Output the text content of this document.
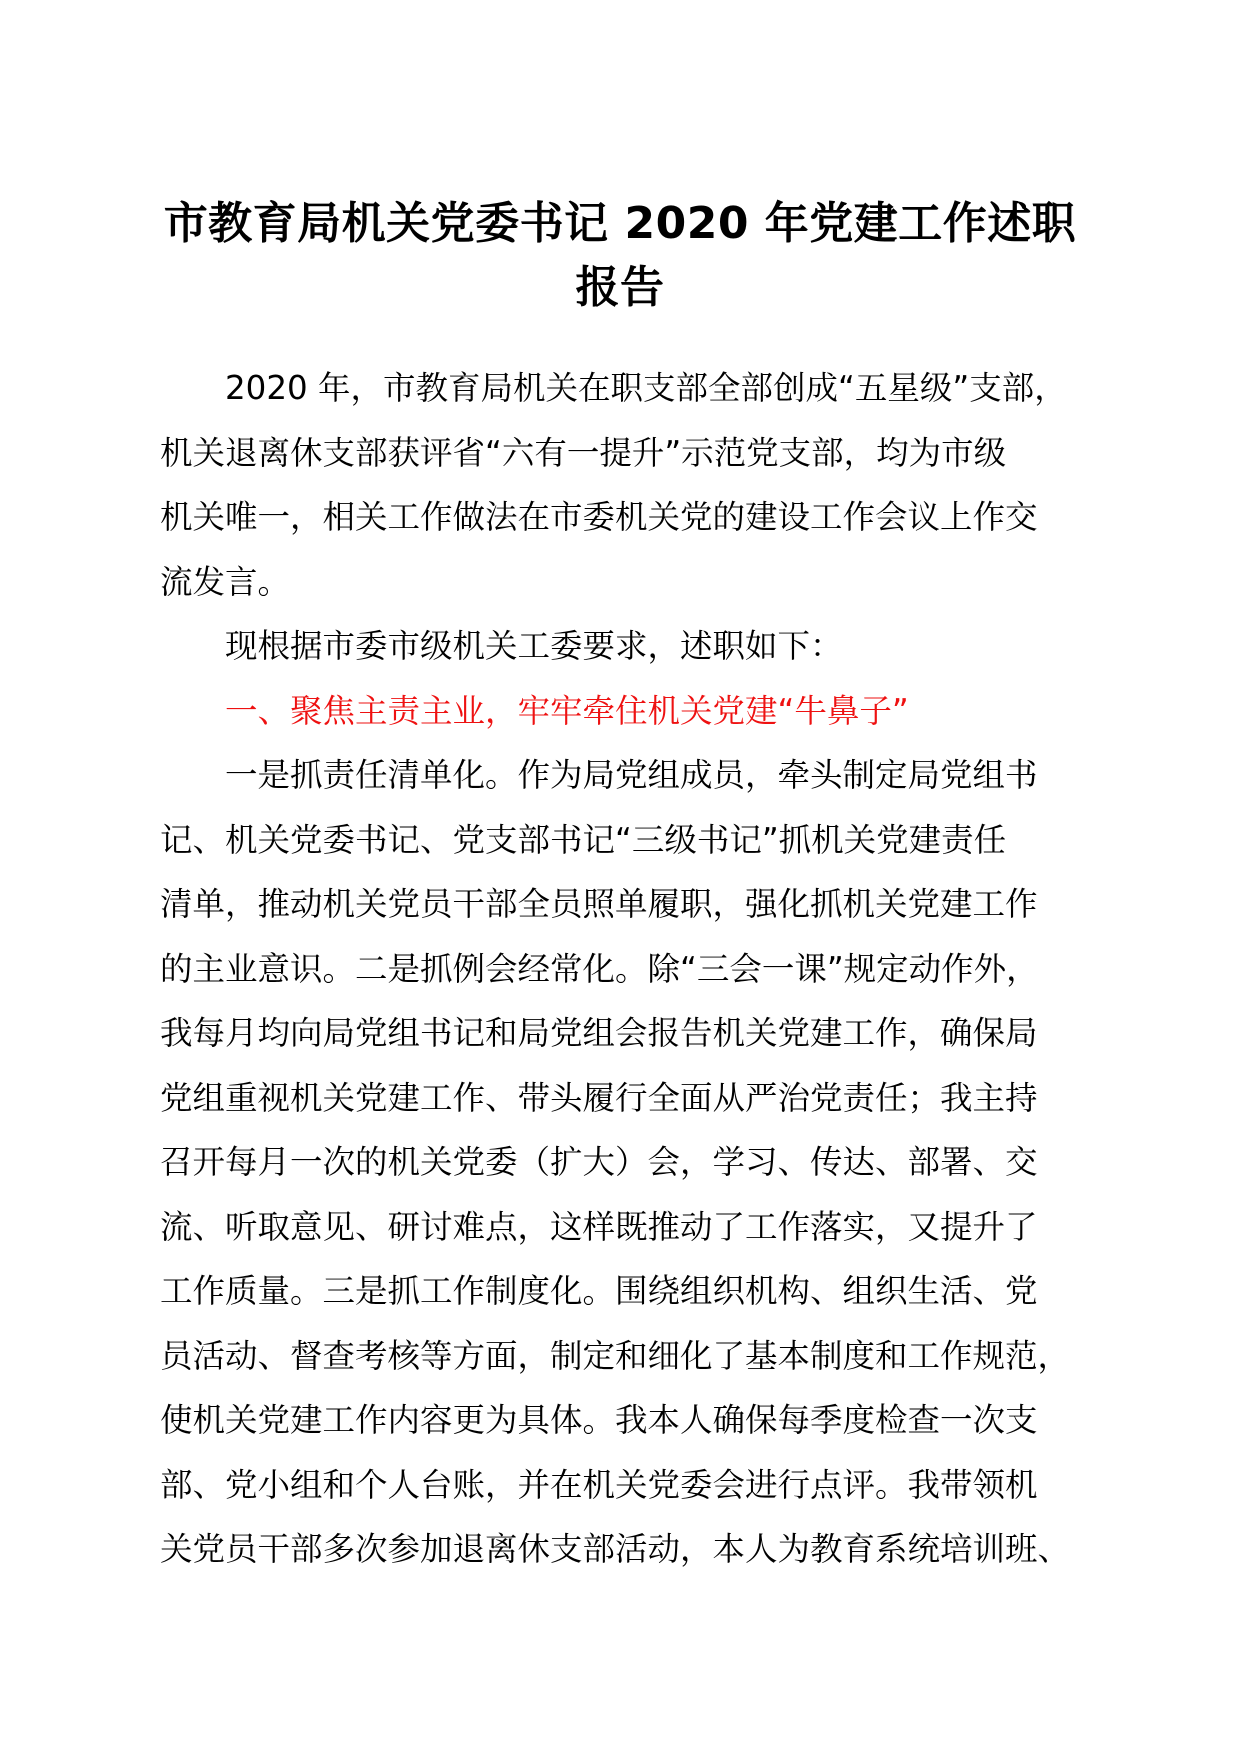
市教育局机关党委书记 2020 年党建工作述职
报告
2020 年，市教育局机关在职支部全部创成“五星级”支部，
机关退离休支部获评省“六有一提升”示范党支部，均为市级
机关唯一，相关工作做法在市委机关党的建设工作会议上作交
流发言。
现根据市委市级机关工委要求，述职如下：
一、聚焦主责主业，牢牢牵住机关党建“牛鼻子”
一是抓责任清单化。作为局党组成员，牵头制定局党组书
记、机关党委书记、党支部书记“三级书记”抓机关党建责任
清单，推动机关党员干部全员照单履职，强化抓机关党建工作
的主业意识。二是抓例会经常化。除“三会一课”规定动作外，
我每月均向局党组书记和局党组会报告机关党建工作，确保局
党组重视机关党建工作、带头履行全面从严治党责任；我主持
召开每月一次的机关党委（扩大）会，学习、传达、部署、交
流、听取意见、研讨难点，这样既推动了工作落实，又提升了
工作质量。三是抓工作制度化。围绕组织机构、组织生活、党
员活动、督查考核等方面，制定和细化了基本制度和工作规范，
使机关党建工作内容更为具体。我本人确保每季度检查一次支
部、党小组和个人台账，并在机关党委会进行点评。我带领机
关党员干部多次参加退离休支部活动，本人为教育系统培训班、
